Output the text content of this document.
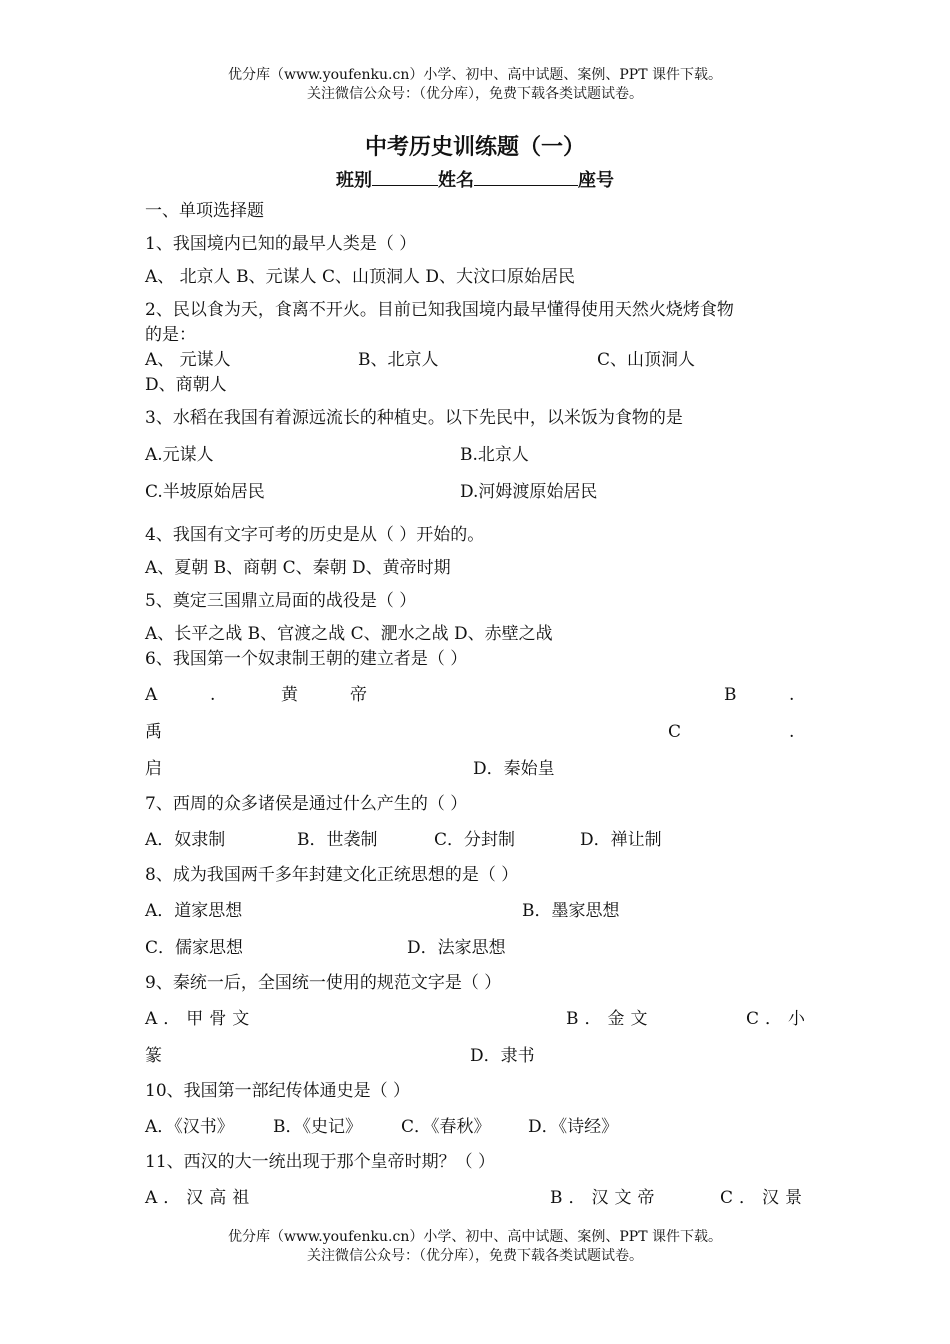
优分库（www.youfenku.cn）小学、初中、高中试题、案例、PPT 课件下载。
关注微信公众号：（优分库），免费下载各类试题试卷。
中考历史训练题（一）
班别	姓名	座号
一、单项选择题
1、我国境内已知的最早人类是（ ）
A、 北京人 B、元谋人 C、山顶洞人 D、大汶口原始居民
2、民以食为天，食离不开火。目前已知我国境内最早懂得使用天然火烧烤食物
的是：
A、 元谋人	B、北京人	C、山顶洞人
D、商朝人
3、水稻在我国有着源远流长的种植史。以下先民中，以米饭为食物的是
A.元谋人	B.北京人
C.半坡原始居民	D.河姆渡原始居民
4、我国有文字可考的历史是从（ ）开始的。
A、夏朝 B、商朝 C、秦朝 D、黄帝时期
5、奠定三国鼎立局面的战役是（ ）
A、长平之战 B、官渡之战 C、淝水之战 D、赤壁之战
6、我国第一个奴隶制王朝的建立者是（ ）
A	.	黄	帝	B	.
禹	C	.
启	D．秦始皇
7、西周的众多诸侯是通过什么产生的（ ）
A．奴隶制	B．世袭制	C．分封制	D．禅让制
8、成为我国两千多年封建文化正统思想的是（ ）
A．道家思想	B．墨家思想
C．儒家思想	D．法家思想
9、秦统一后，全国统一使用的规范文字是（ ）
A．甲骨文	B．金文	C．小
篆	D．隶书
10、我国第一部纪传体通史是（ ）
A．《汉书》 B．《史记》 C．《春秋》 D．《诗经》
11、西汉的大一统出现于那个皇帝时期？（ ）
A．汉高祖	B．汉文帝	C．汉景
优分库（www.youfenku.cn）小学、初中、高中试题、案例、PPT 课件下载。
关注微信公众号：（优分库），免费下载各类试题试卷。
